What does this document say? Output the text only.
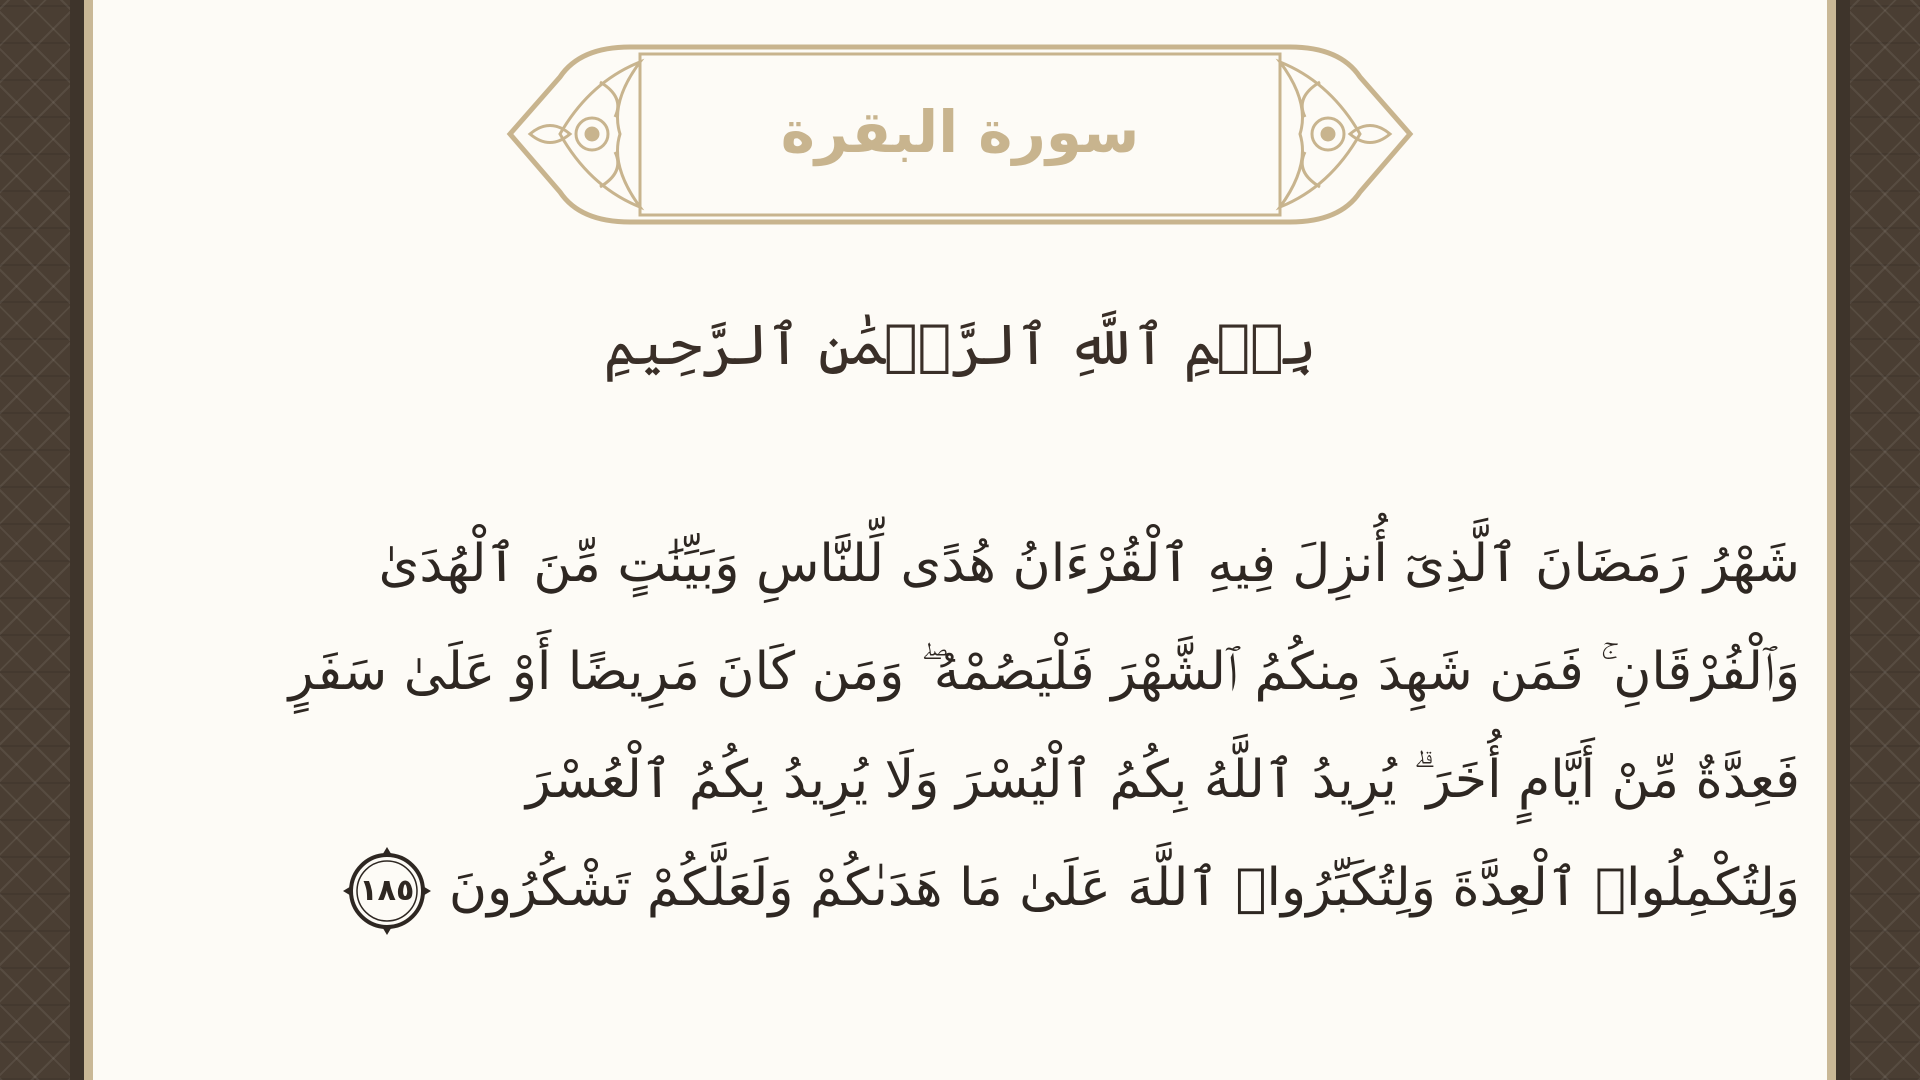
سورة البقرة
بِسۡمِ ٱللَّهِ ٱلرَّحۡمَٰنِ ٱلرَّحِيمِ
شَهْرُ رَمَضَانَ ٱلَّذِىٓ أُنزِلَ فِيهِ ٱلْقُرْءَانُ هُدًى لِّلنَّاسِ وَبَيِّنَٰتٍ مِّنَ ٱلْهُدَىٰ
وَٱلْفُرْقَانِ ۚ فَمَن شَهِدَ مِنكُمُ ٱلشَّهْرَ فَلْيَصُمْهُ ۖ وَمَن كَانَ مَرِيضًا أَوْ عَلَىٰ سَفَرٍ
فَعِدَّةٌ مِّنْ أَيَّامٍ أُخَرَ ۗ يُرِيدُ ٱللَّهُ بِكُمُ ٱلْيُسْرَ وَلَا يُرِيدُ بِكُمُ ٱلْعُسْرَ
وَلِتُكْمِلُوا۟ ٱلْعِدَّةَ وَلِتُكَبِّرُوا۟ ٱللَّهَ عَلَىٰ مَا هَدَىٰكُمْ وَلَعَلَّكُمْ تَشْكُرُونَ
١٨٥
